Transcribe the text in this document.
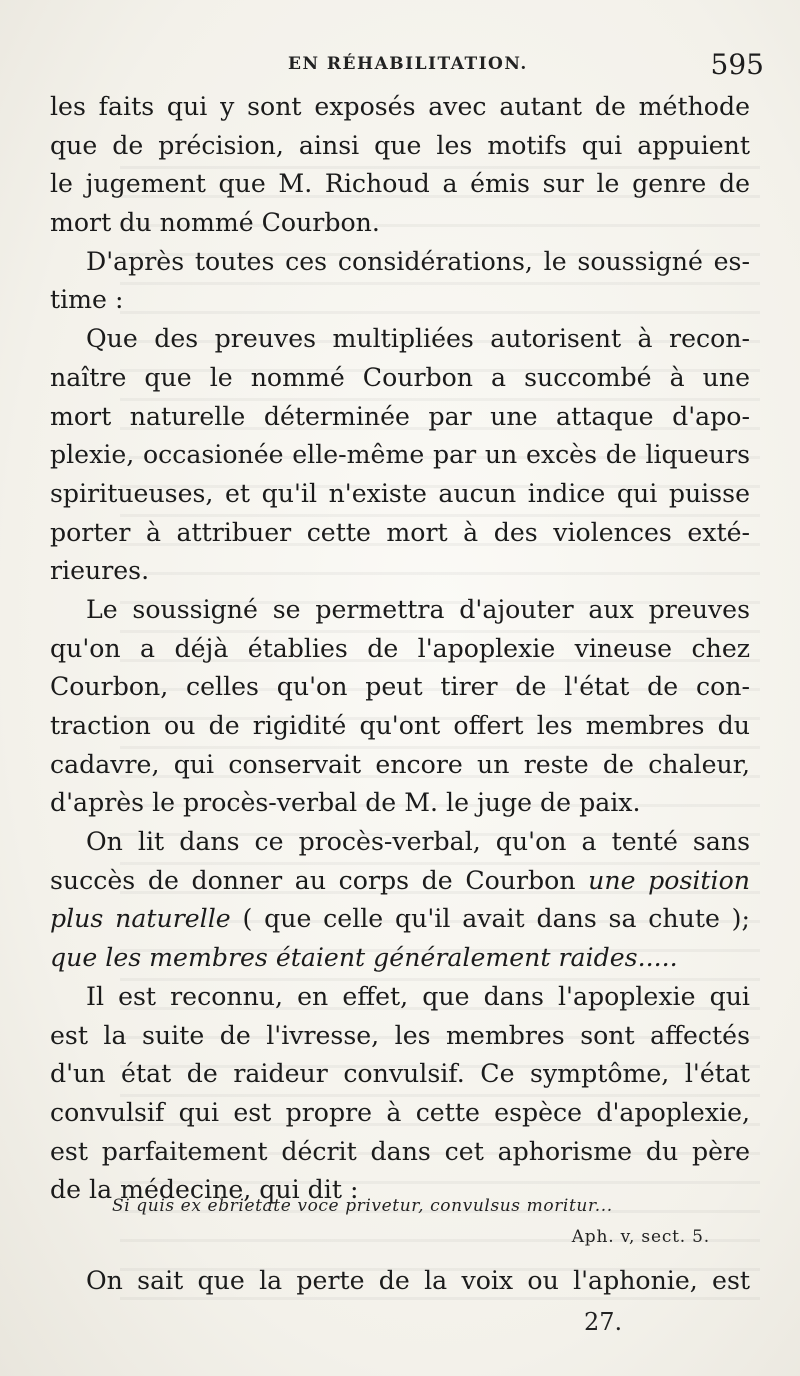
EN RÉHABILITATION.	595
les faits qui y sont exposés avec autant de méthode
que de précision, ainsi que les motifs qui appuient
le jugement que M. Richoud a émis sur le genre de
mort du nommé Courbon.
D'après toutes ces considérations, le soussigné es-
time :
Que des preuves multipliées autorisent à recon-
naître que le nommé Courbon a succombé à une
mort naturelle déterminée par une attaque d'apo-
plexie, occasionée elle-même par un excès de liqueurs
spiritueuses, et qu'il n'existe aucun indice qui puisse
porter à attribuer cette mort à des violences exté-
rieures.
Le soussigné se permettra d'ajouter aux preuves
qu'on a déjà établies de l'apoplexie vineuse chez
Courbon, celles qu'on peut tirer de l'état de con-
traction ou de rigidité qu'ont offert les membres du
cadavre, qui conservait encore un reste de chaleur,
d'après le procès-verbal de M. le juge de paix.
On lit dans ce procès-verbal, qu'on a tenté sans
succès de donner au corps de Courbon une position
plus naturelle ( que celle qu'il avait dans sa chute );
que les membres étaient généralement raides.....
Il est reconnu, en effet, que dans l'apoplexie qui
est la suite de l'ivresse, les membres sont affectés
d'un état de raideur convulsif. Ce symptôme, l'état
convulsif qui est propre à cette espèce d'apoplexie,
est parfaitement décrit dans cet aphorisme du père
de la médecine, qui dit :
Si quis ex ebrietate voce privetur, convulsus moritur...
Aph. v, sect. 5.
On sait que la perte de la voix ou l'aphonie, est
27.
